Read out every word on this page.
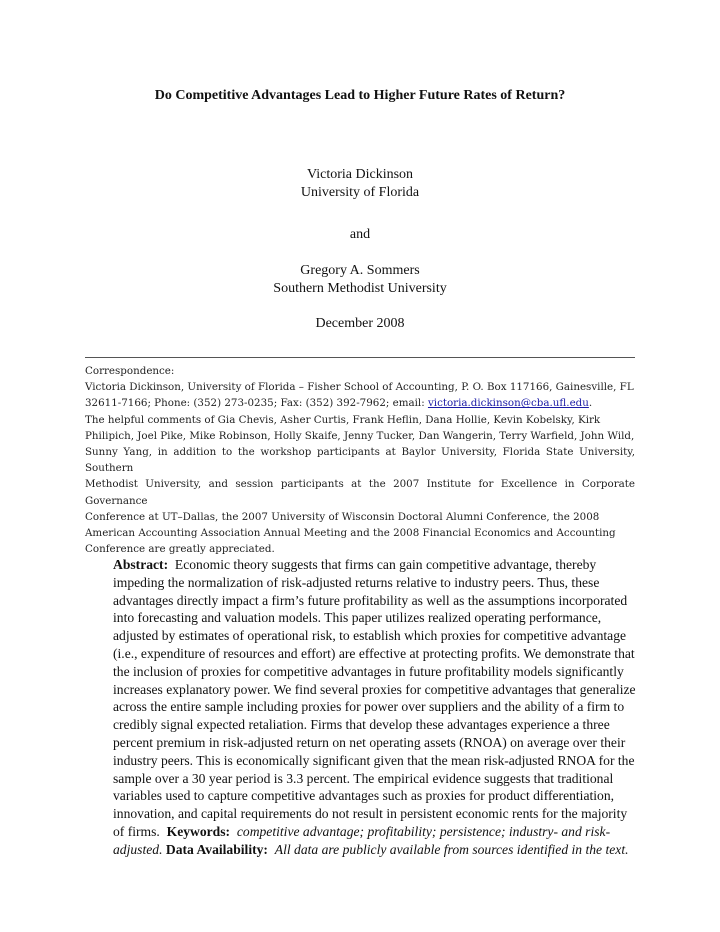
Do Competitive Advantages Lead to Higher Future Rates of Return?
Victoria Dickinson
University of Florida
and
Gregory A. Sommers
Southern Methodist University
December 2008
Correspondence:
Victoria Dickinson, University of Florida – Fisher School of Accounting, P. O. Box 117166, Gainesville, FL
32611-7166; Phone: (352) 273-0235; Fax: (352) 392-7962; email: victoria.dickinson@cba.ufl.edu.
The helpful comments of Gia Chevis, Asher Curtis, Frank Heflin, Dana Hollie, Kevin Kobelsky, Kirk
Philipich, Joel Pike, Mike Robinson, Holly Skaife, Jenny Tucker, Dan Wangerin, Terry Warfield, John Wild,
Sunny Yang, in addition to the workshop participants at Baylor University, Florida State University, Southern
Methodist University, and session participants at the 2007 Institute for Excellence in Corporate Governance
Conference at UT–Dallas, the 2007 University of Wisconsin Doctoral Alumni Conference, the 2008
American Accounting Association Annual Meeting and the 2008 Financial Economics and Accounting
Conference are greatly appreciated.
Abstract: Economic theory suggests that firms can gain competitive advantage, thereby impeding the normalization of risk-adjusted returns relative to industry peers. Thus, these advantages directly impact a firm’s future profitability as well as the assumptions incorporated into forecasting and valuation models. This paper utilizes realized operating performance, adjusted by estimates of operational risk, to establish which proxies for competitive advantage (i.e., expenditure of resources and effort) are effective at protecting profits. We demonstrate that the inclusion of proxies for competitive advantages in future profitability models significantly increases explanatory power. We find several proxies for competitive advantages that generalize across the entire sample including proxies for power over suppliers and the ability of a firm to credibly signal expected retaliation. Firms that develop these advantages experience a three percent premium in risk-adjusted return on net operating assets (RNOA) on average over their industry peers. This is economically significant given that the mean risk-adjusted RNOA for the sample over a 30 year period is 3.3 percent. The empirical evidence suggests that traditional variables used to capture competitive advantages such as proxies for product differentiation, innovation, and capital requirements do not result in persistent economic rents for the majority of firms. Keywords: competitive advantage; profitability; persistence; industry- and risk-adjusted. Data Availability: All data are publicly available from sources identified in the text.
